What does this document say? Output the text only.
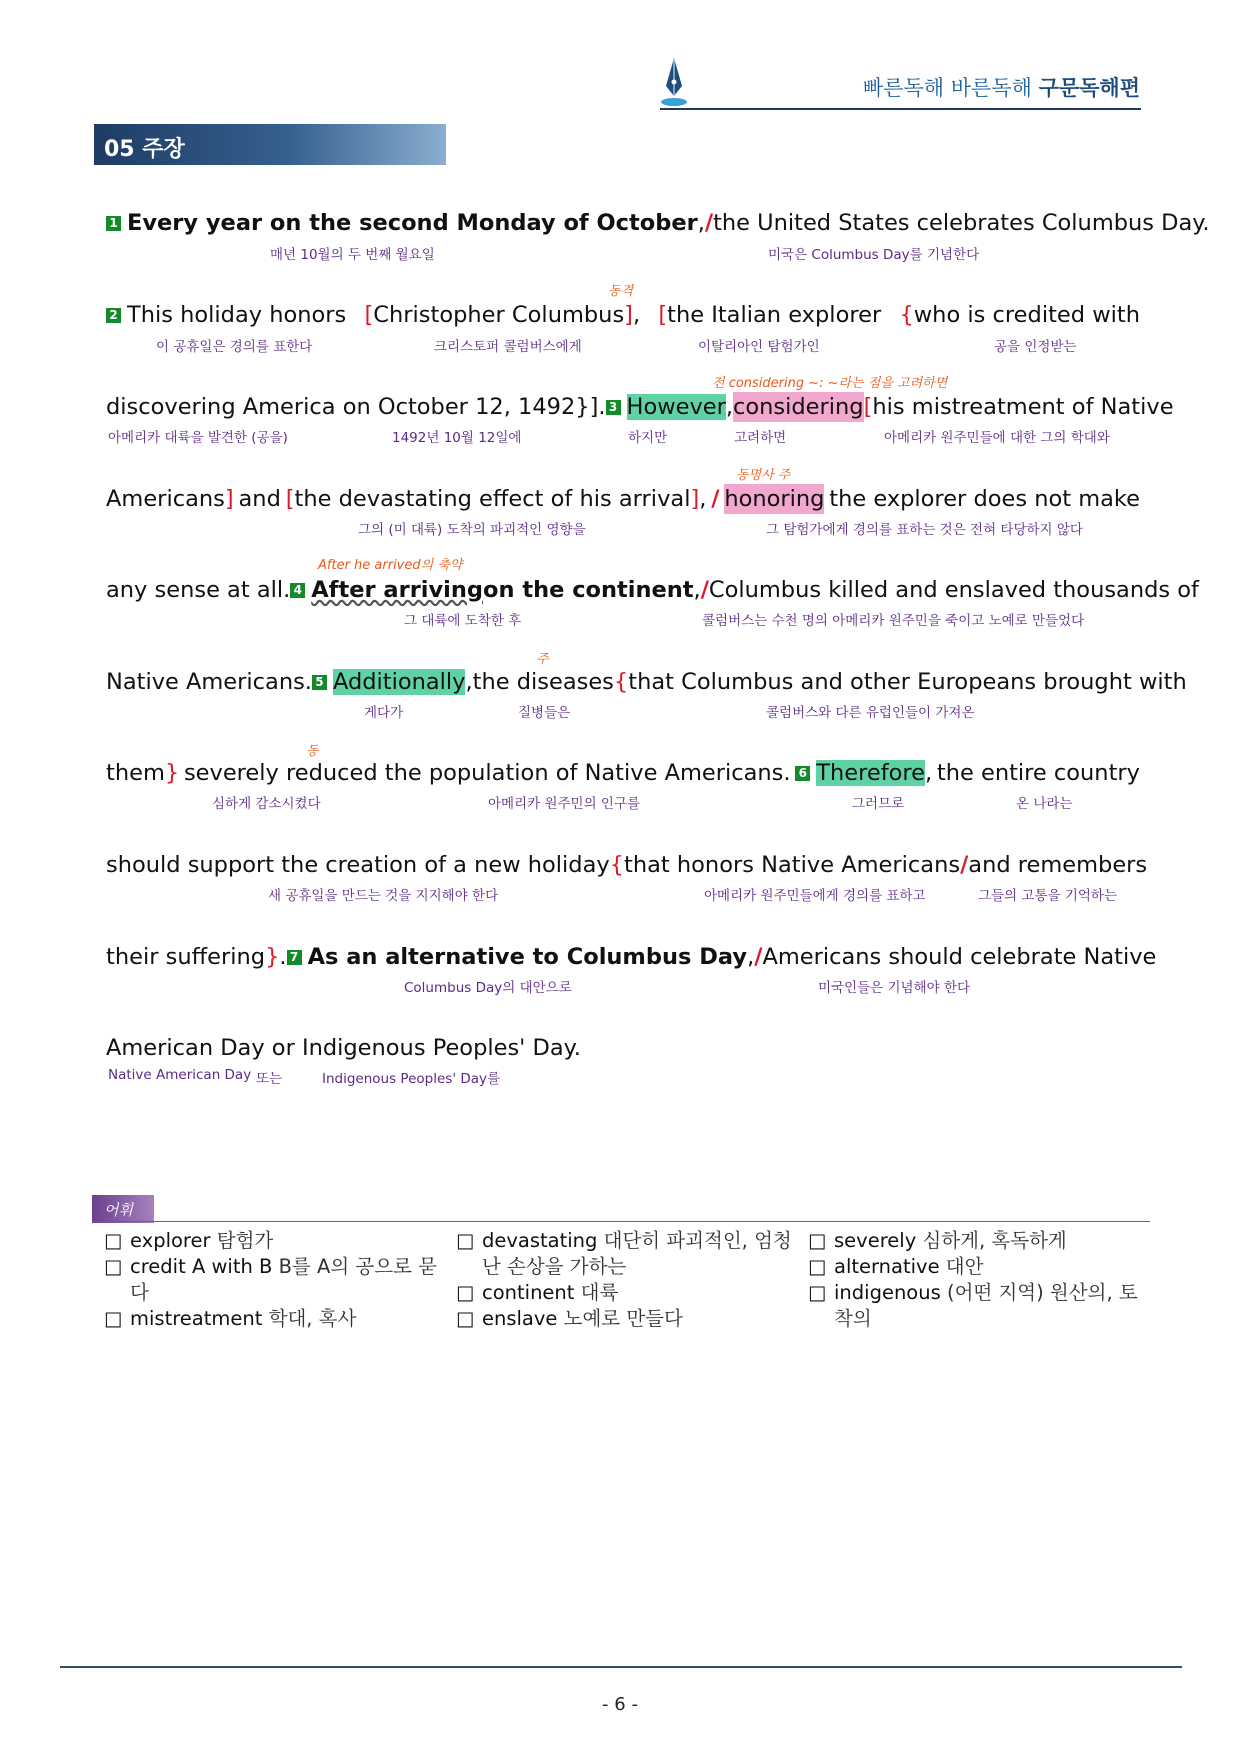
빠른독해 바른독해 구문독해편
05 주장
1 Every year on the second Monday of October, / the United States celebrates Columbus Day.
매년 10월의 두 번째 월요일	미국은 Columbus Day를 기념한다
동격
2 This holiday honors [Christopher Columbus], [the Italian explorer {who is credited with
이 공휴일은 경의를 표한다	크리스토퍼 콜럼버스에게	이탈리아인 탐험가인	공을 인정받는
전 considering ~: ~라는 점을 고려하면
discovering America on October 12, 1492}]. 3 However, considering [his mistreatment of Native
아메리카 대륙을 발견한 (공을)	1492년 10월 12일에	하지만	고려하면	아메리카 원주민들에 대한 그의 학대와
동명사 주
Americans] and [the devastating efect of his arrival], / honoring the explorer does not make
그의 (미 대륙) 도착의 파괴적인 영향을	그 탐험가에게 경의를 표하는 것은 전혀 타당하지 않다
After he arrived의 축약
any sense at all. 4 After arriving on the continent, / Columbus killed and enslaved thousands of
그 대륙에 도착한 후	콜럼버스는 수천 명의 아메리카 원주민을 죽이고 노예로 만들었다
주
Native Americans. 5 Additionally, the diseases {that Columbus and other Europeans brought with
게다가	질병들은	콜럼버스와 다른 유럽인들이 가져온
동
them} severely reduced the population of Native Americans. 6 Therefore, the entire country
심하게 감소시켰다	아메리카 원주민의 인구를	그러므로	온 나라는
should support the creation of a new holiday {that honors Native Americans / and remembers
새 공휴일을 만드는 것을 지지해야 한다	아메리카 원주민들에게 경의를 표하고	그들의 고통을 기억하는
their sufering}. 7 As an alternative to Columbus Day, / Americans should celebrate Native
Columbus Day의 대안으로	미국인들은 기념해야 한다
American Day or Indigenous Peoples' Day.
Native American Day 또는	Indigenous Peoples' Day를
어휘
□ explorer 탐험가
□ credit A with B B를 A의 공으로 묻다
□ mistreatment 학대, 혹사
□ devastating 대단히 파괴적인, 엄청난 손상을 가하는
□ continent 대륙
□ enslave 노예로 만들다
□ severely 심하게, 혹독하게
□ alternative 대안
□ indigenous (어떤 지역) 원산의, 토착의
- 6 -
